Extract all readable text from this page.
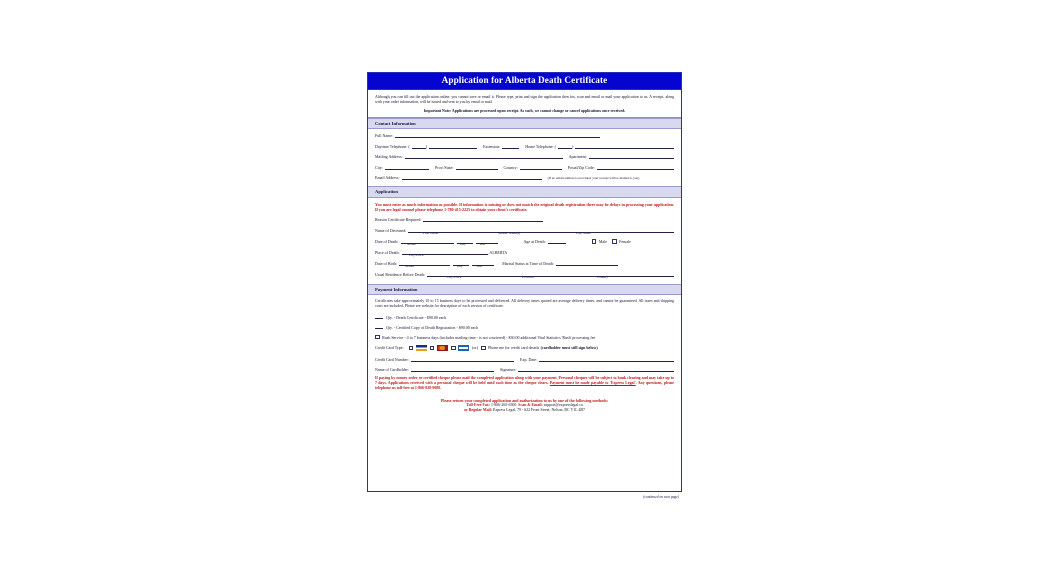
Application for Alberta Death Certificate

Although you can fill out the application online, you cannot save or email it. Please type, print and sign the application then fax, scan and email or mail your application to us. A receipt, along with your order information, will be issued and sent to you by email or mail.

Important Note: Applications are processed upon receipt. As such, we cannot change or cancel applications once received.

Contact Information
Full Name:
Daytime Telephone: (	)	Extension:	Home Telephone: (	)
Mailing Address:	Apartment:
City:	Prov./State:	Country:	Postal/Zip Code:
Email Address:	(If no email address is provided, your receipt will be mailed to you)
Application

You must enter as much information as possible. If information is missing or does not match the original death registration there may be delays in processing your application. If you are legal counsel please telephone 1-780-415-2225 to obtain your client's certificate.

Reason Certificate Required:
Name of Deceased:	First Name	Middle Name(s)	Last Name
Date of Death:	Age at Death:	Male	Female
Month	Day	Year
Place of Death:	, ALBERTA
City/Town
Date of Birth:	Marital Status at Time of Death:
Month	Day	Year
Usual Residence Before Death:	City/Town	Province	Country
Payment Information

Certificates take approximately 10 to 15 business days to be processed and delivered. All delivery times quoted are average delivery times, and cannot be guaranteed. All taxes and shipping costs are included. Please see website for description of each version of certificate.

Qty. - Death Certificate - $90.00 each
Qty. - Certified Copy of Death Registration - $90.00 each
Rush Service - 4 to 7 business days (includes mailing time - is not couriered) - $30.00 additional Vital Statistics 'Rush' processing fee
Credit Card Type:	(or)	Phone me for credit card details (cardholder must still sign below)
Credit Card Number:	Exp. Date:
Name of Cardholder:	Signature:

If paying by money order or certified cheque please mail the completed application along with your payment. Personal cheques will be subject to bank clearing and may take up to 7 days. Applications received with a personal cheque will be held until such time as the cheque clears. Payment must be made payable to 'Express Legal'. Any questions, please telephone us toll-free at 1-866-828-9680.

Please return your completed application and authorization to us by one of the following methods:

Toll-Free Fax: 1-866-265-6300, Scan & Email: support@expresslegal.ca

or Regular Mail: Express Legal, 79 - 622 Front Street, Nelson, BC V1L 4B7

(continued on next page)
